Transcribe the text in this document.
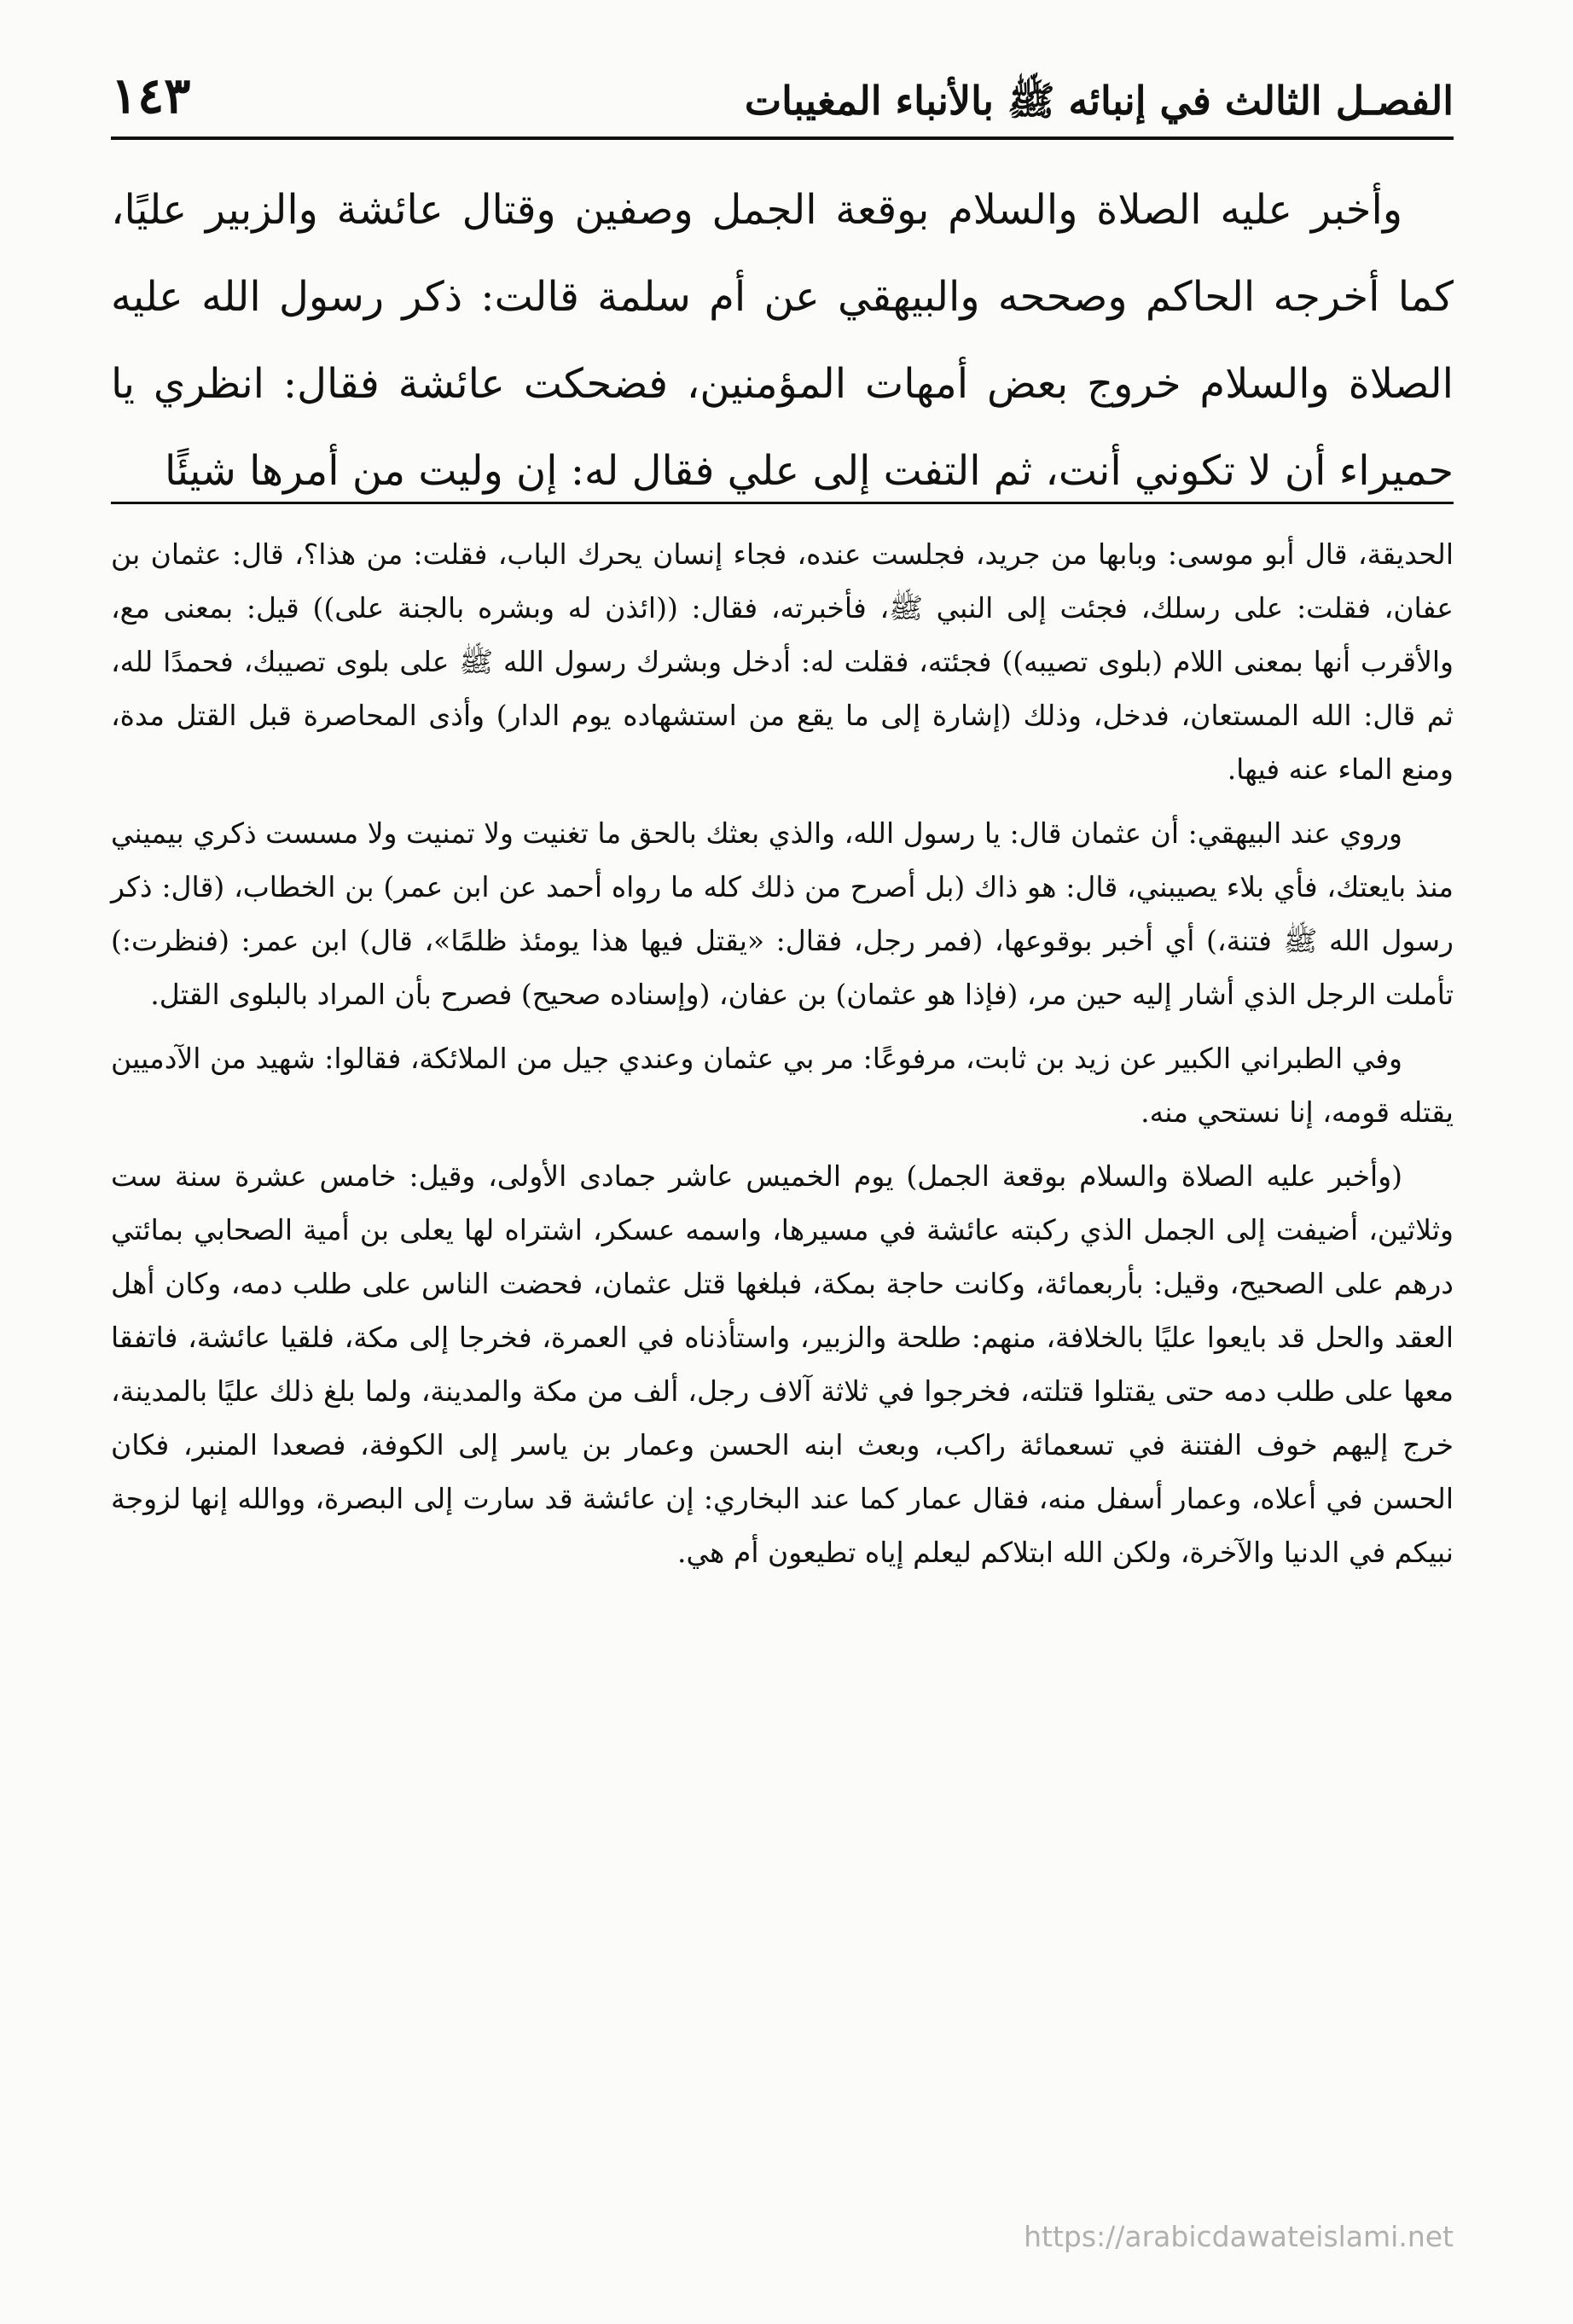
الفصـل الثالث في إنبائه ﷺ بالأنباء المغيبات
١٤٣

وأخبر عليه الصلاة والسلام بوقعة الجمل وصفين وقتال عائشة والزبير عليًا، كما أخرجه الحاكم وصححه والبيهقي عن أم سلمة قالت: ذكر رسول الله عليه الصلاة والسلام خروج بعض أمهات المؤمنين، فضحكت عائشة فقال: انظري يا حميراء أن لا تكوني أنت، ثم التفت إلى علي فقال له: إن وليت من أمرها شيئًا

الحديقة، قال أبو موسى: وبابها من جريد، فجلست عنده، فجاء إنسان يحرك الباب، فقلت: من هذا؟، قال: عثمان بن عفان، فقلت: على رسلك، فجئت إلى النبي ﷺ، فأخبرته، فقال: ((ائذن له وبشره بالجنة على)) قيل: بمعنى مع، والأقرب أنها بمعنى اللام (بلوى تصيبه)) فجئته، فقلت له: أدخل وبشرك رسول الله ﷺ على بلوى تصيبك، فحمدًا لله، ثم قال: الله المستعان، فدخل، وذلك (إشارة إلى ما يقع من استشهاده يوم الدار) وأذى المحاصرة قبل القتل مدة، ومنع الماء عنه فيها.

وروي عند البيهقي: أن عثمان قال: يا رسول الله، والذي بعثك بالحق ما تغنيت ولا تمنيت ولا مسست ذكري بيميني منذ بايعتك، فأي بلاء يصيبني، قال: هو ذاك (بل أصرح من ذلك كله ما رواه أحمد عن ابن عمر) بن الخطاب، (قال: ذكر رسول الله ﷺ فتنة،) أي أخبر بوقوعها، (فمر رجل، فقال: «يقتل فيها هذا يومئذ ظلمًا»، قال) ابن عمر: (فنظرت:) تأملت الرجل الذي أشار إليه حين مر، (فإذا هو عثمان) بن عفان، (وإسناده صحيح) فصرح بأن المراد بالبلوى القتل.

وفي الطبراني الكبير عن زيد بن ثابت، مرفوعًا: مر بي عثمان وعندي جيل من الملائكة، فقالوا: شهيد من الآدميين يقتله قومه، إنا نستحي منه.

(وأخبر عليه الصلاة والسلام بوقعة الجمل) يوم الخميس عاشر جمادى الأولى، وقيل: خامس عشرة سنة ست وثلاثين، أضيفت إلى الجمل الذي ركبته عائشة في مسيرها، واسمه عسكر، اشتراه لها يعلى بن أمية الصحابي بمائتي درهم على الصحيح، وقيل: بأربعمائة، وكانت حاجة بمكة، فبلغها قتل عثمان، فحضت الناس على طلب دمه، وكان أهل العقد والحل قد بايعوا عليًا بالخلافة، منهم: طلحة والزبير، واستأذناه في العمرة، فخرجا إلى مكة، فلقيا عائشة، فاتفقا معها على طلب دمه حتى يقتلوا قتلته، فخرجوا في ثلاثة آلاف رجل، ألف من مكة والمدينة، ولما بلغ ذلك عليًا بالمدينة، خرج إليهم خوف الفتنة في تسعمائة راكب، وبعث ابنه الحسن وعمار بن ياسر إلى الكوفة، فصعدا المنبر، فكان الحسن في أعلاه، وعمار أسفل منه، فقال عمار كما عند البخاري: إن عائشة قد سارت إلى البصرة، ووالله إنها لزوجة نبيكم في الدنيا والآخرة، ولكن الله ابتلاكم ليعلم إياه تطيعون أم هي.

https://arabicdawateislami.net
